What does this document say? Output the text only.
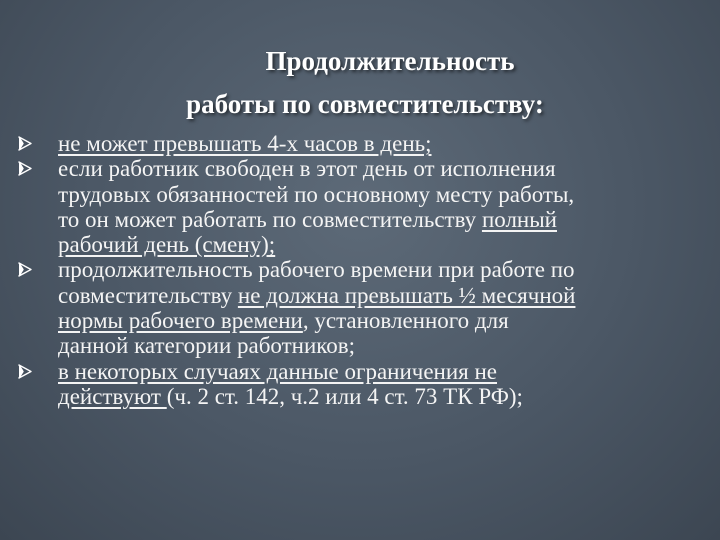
Продолжительность
работы по совместительству:
не может превышать 4-х часов в день;
если работник свободен в этот день от исполнения
трудовых обязанностей по основному месту работы,
то он может работать по совместительству полный
рабочий день (смену);
продолжительность рабочего времени при работе по
совместительству не должна превышать ½ месячной
нормы рабочего времени, установленного для
данной категории работников;
в некоторых случаях данные ограничения не
действуют (ч. 2 ст. 142, ч.2 или 4 ст. 73 ТК РФ);
